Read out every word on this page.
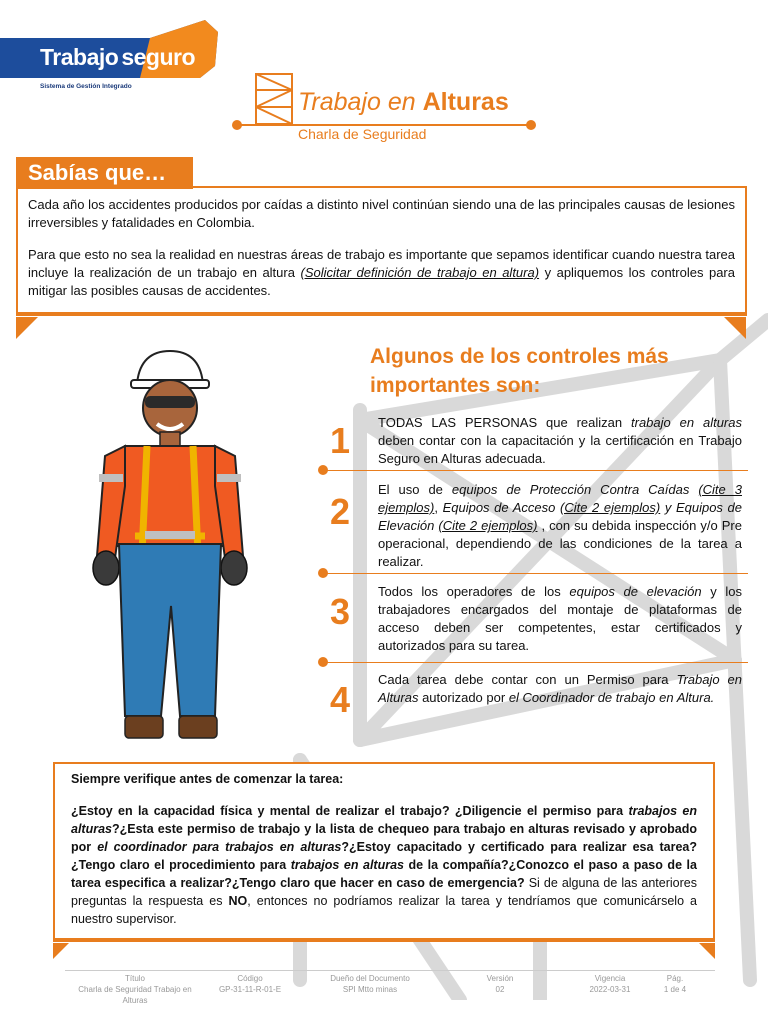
Trabajo seguro
Sistema de Gestión Integrado
Trabajo en Alturas
Charla de Seguridad
Sabías que…

Cada año los accidentes producidos por caídas a distinto nivel continúan siendo una de las principales causas de lesiones irreversibles y fatalidades en Colombia.

Para que esto no sea la realidad en nuestras áreas de trabajo es importante que sepamos identificar cuando nuestra tarea incluye la realización de un trabajo en altura (Solicitar definición de trabajo en altura) y apliquemos los controles para mitigar las posibles causas de accidentes.

Algunos de los controles más importantes son:
1 TODAS LAS PERSONAS que realizan trabajo en alturas deben contar con la capacitación y la certificación en Trabajo Seguro en Alturas adecuada.
2
El uso de equipos de Protección Contra Caídas (Cite 3 ejemplos), Equipos de Acceso (Cite 2 ejemplos) y Equipos de Elevación (Cite 2 ejemplos) , con su debida inspección y/o Pre operacional, dependiendo de las condiciones de la tarea a realizar.
3 Todos los operadores de los equipos de elevación y los trabajadores encargados del montaje de plataformas de acceso deben ser competentes, estar certificados y autorizados para su tarea.
4 Cada tarea debe contar con un Permiso para Trabajo en Alturas autorizado por el Coordinador de trabajo en Altura.
Siempre verifique antes de comenzar la tarea:
¿Estoy en la capacidad física y mental de realizar el trabajo? ¿Diligencie el permiso para trabajos en alturas?¿Esta este permiso de trabajo y la lista de chequeo para trabajo en alturas revisado y aprobado por el coordinador para trabajos en alturas?¿Estoy capacitado y certificado para realizar esa tarea?¿Tengo claro el procedimiento para trabajos en alturas de la compañía?¿Conozco el paso a paso de la tarea especifica a realizar?¿Tengo claro que hacer en caso de emergencia? Si de alguna de las anteriores preguntas la respuesta es NO, entonces no podríamos realizar la tarea y tendríamos que comunicárselo a nuestro supervisor.
Título
Charla de Seguridad Trabajo en
Alturas
Código
GP-31-11-R-01-E
Dueño del Documento
SPI Mtto minas
Versión
02
Vigencia
2022-03-31
Pág.
1 de 4
